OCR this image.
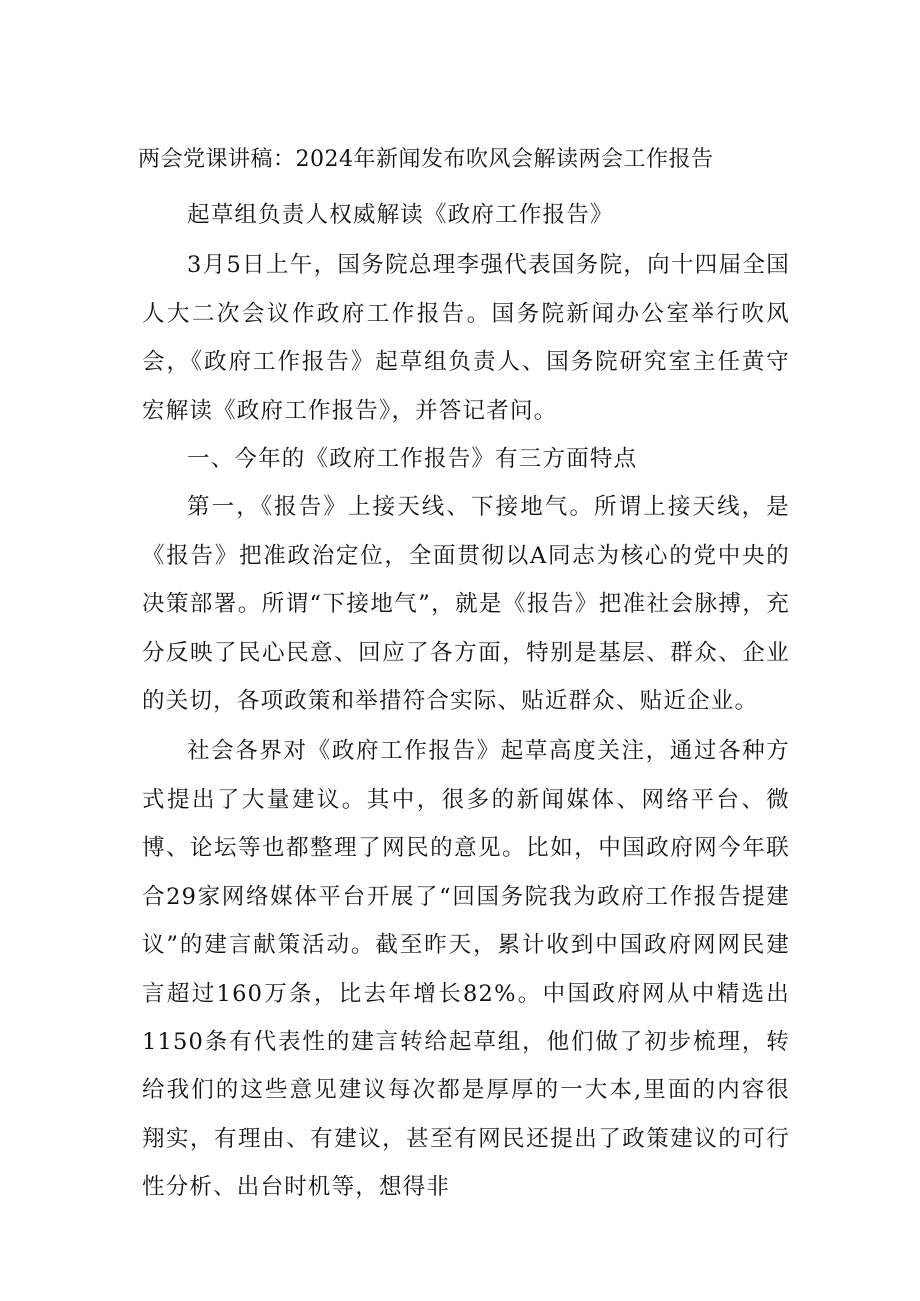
两会党课讲稿：2024年新闻发布吹风会解读两会工作报告

起草组负责人权威解读《政府工作报告》

3月5日上午，国务院总理李强代表国务院，向十四届全国人大二次会议作政府工作报告。国务院新闻办公室举行吹风会，《政府工作报告》起草组负责人、国务院研究室主任黄守宏解读《政府工作报告》，并答记者问。

一、今年的《政府工作报告》有三方面特点

第一，《报告》上接天线、下接地气。所谓上接天线，是《报告》把准政治定位，全面贯彻以A同志为核心的党中央的决策部署。所谓“下接地气”，就是《报告》把准社会脉搏，充分反映了民心民意、回应了各方面，特别是基层、群众、企业的关切，各项政策和举措符合实际、贴近群众、贴近企业。

社会各界对《政府工作报告》起草高度关注，通过各种方式提出了大量建议。其中，很多的新闻媒体、网络平台、微博、论坛等也都整理了网民的意见。比如，中国政府网今年联合29家网络媒体平台开展了“回国务院我为政府工作报告提建议”的建言献策活动。截至昨天，累计收到中国政府网网民建言超过160万条，比去年增长82%。中国政府网从中精选出1150条有代表性的建言转给起草组，他们做了初步梳理，转给我们的这些意见建议每次都是厚厚的一大本,里面的内容很翔实，有理由、有建议，甚至有网民还提出了政策建议的可行性分析、出台时机等，想得非
